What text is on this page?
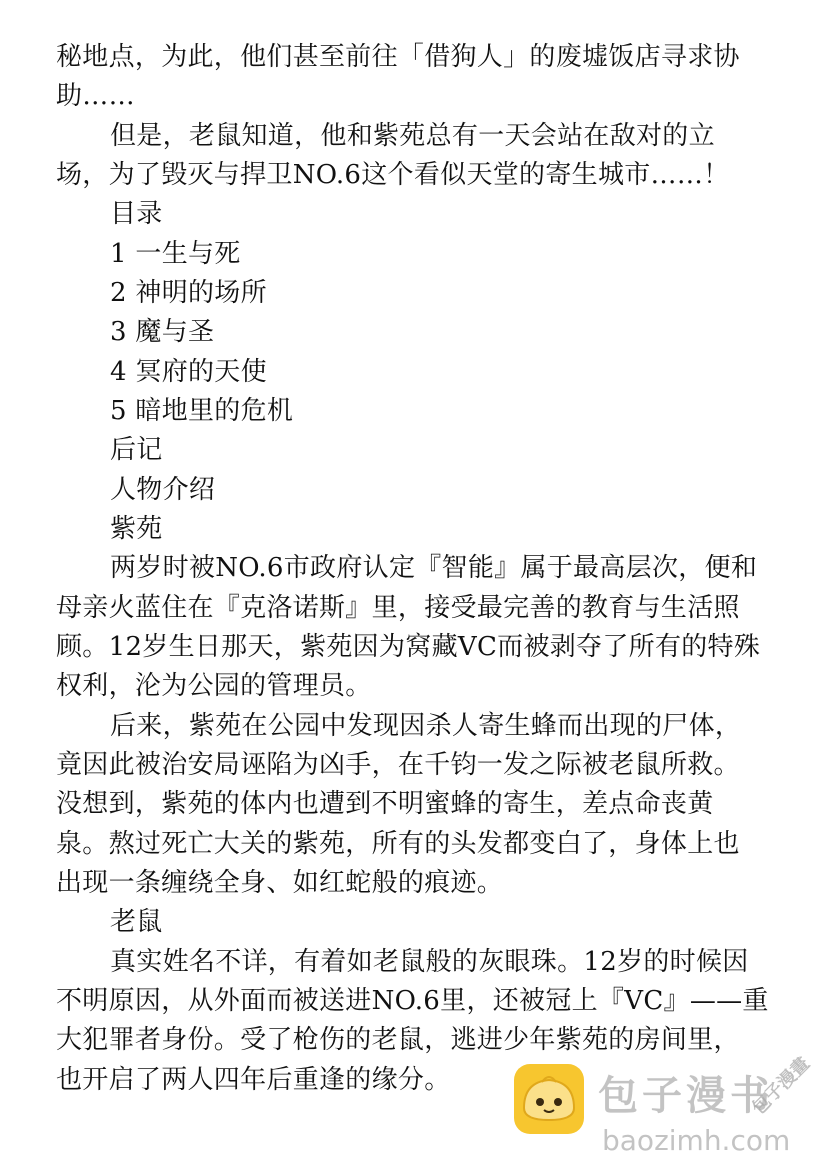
秘地点，为此，他们甚至前往「借狗人」的废墟饭店寻求协
助……
但是，老鼠知道，他和紫苑总有一天会站在敌对的立
场，为了毁灭与捍卫NO.6这个看似天堂的寄生城市……！
目录
1 一生与死
2 神明的场所
3 魔与圣
4 冥府的天使
5 暗地里的危机
后记
人物介绍
紫苑
两岁时被NO.6市政府认定『智能』属于最高层次，便和
母亲火蓝住在『克洛诺斯』里，接受最完善的教育与生活照
顾。12岁生日那天，紫苑因为窝藏VC而被剥夺了所有的特殊
权利，沦为公园的管理员。
后来，紫苑在公园中发现因杀人寄生蜂而出现的尸体，
竟因此被治安局诬陷为凶手，在千钧一发之际被老鼠所救。
没想到，紫苑的体内也遭到不明蜜蜂的寄生，差点命丧黄
泉。熬过死亡大关的紫苑，所有的头发都变白了，身体上也
出现一条缠绕全身、如红蛇般的痕迹。
老鼠
真实姓名不详，有着如老鼠般的灰眼珠。12岁的时候因
不明原因，从外面而被送进NO.6里，还被冠上『VC』——重
大犯罪者身份。受了枪伤的老鼠，逃进少年紫苑的房间里，
也开启了两人四年后重逢的缘分。	包子漫书
baozimh.com
包子漫畫
